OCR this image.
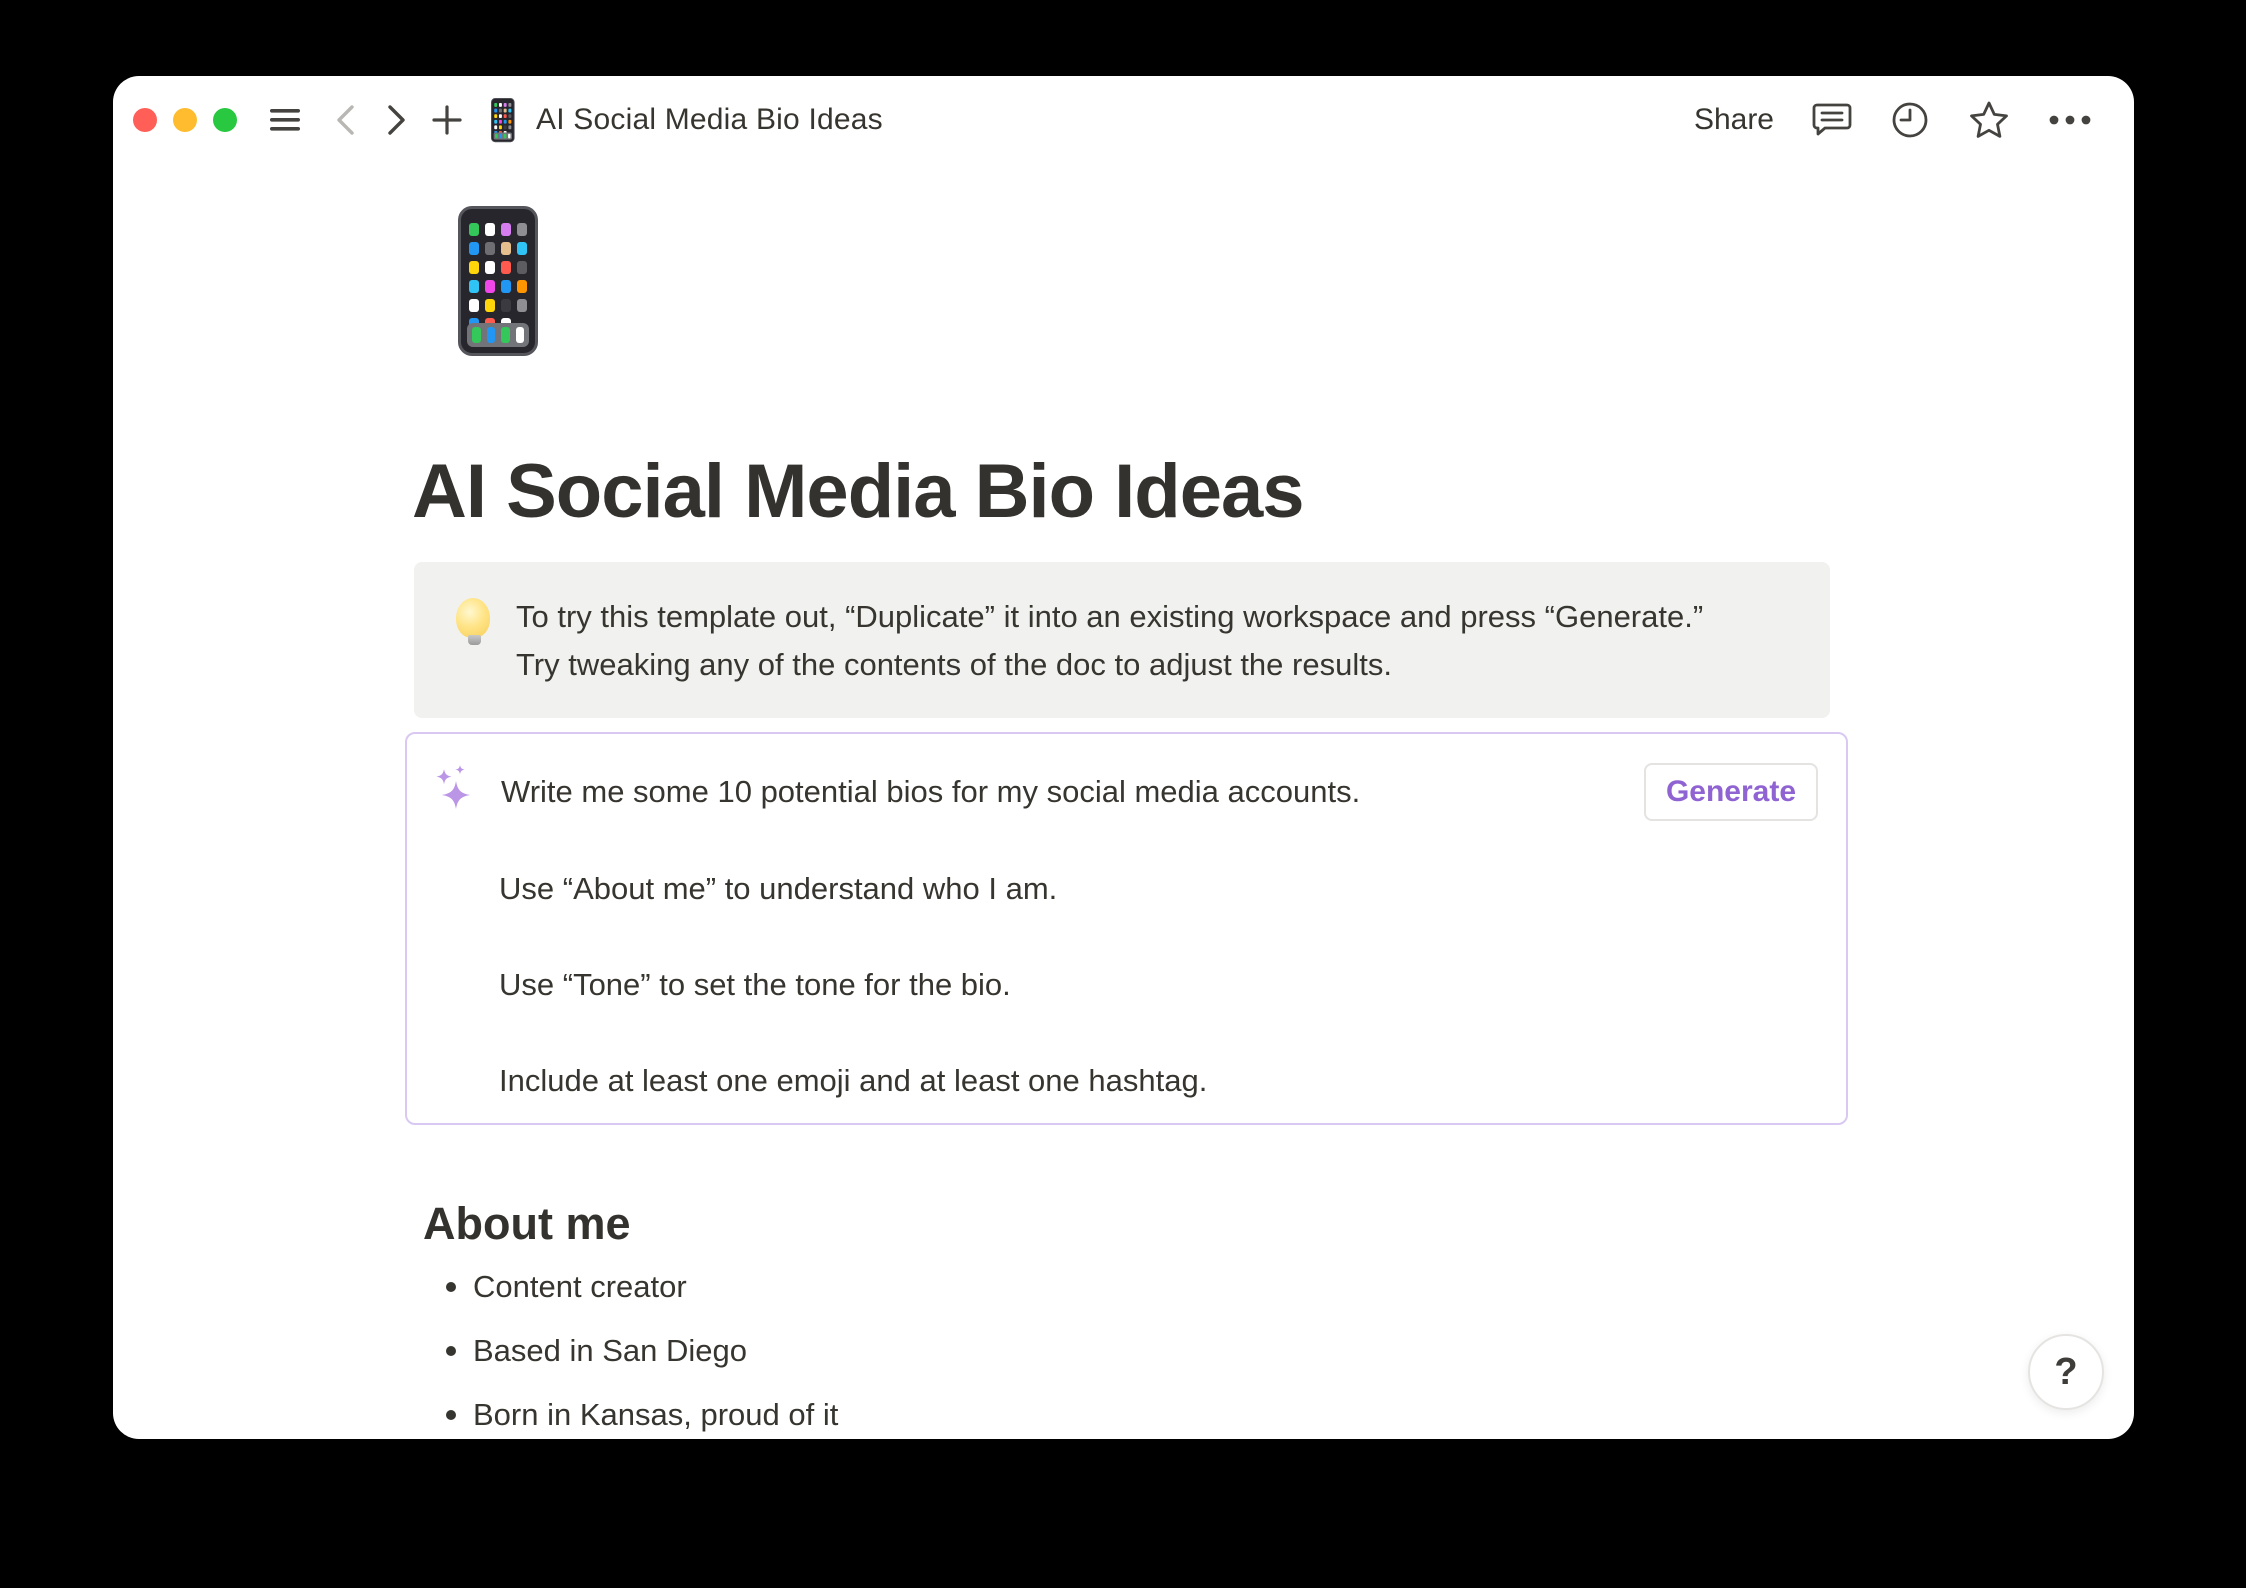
AI Social Media Bio Ideas	Share
AI Social Media Bio Ideas
To try this template out, “Duplicate” it into an existing workspace and press “Generate.”
Try tweaking any of the contents of the doc to adjust the results.
Write me some 10 potential bios for my social media accounts.	Generate
Use “About me” to understand who I am.
Use “Tone” to set the tone for the bio.
Include at least one emoji and at least one hashtag.
About me
Content creator
Based in San Diego
Born in Kansas, proud of it
?
